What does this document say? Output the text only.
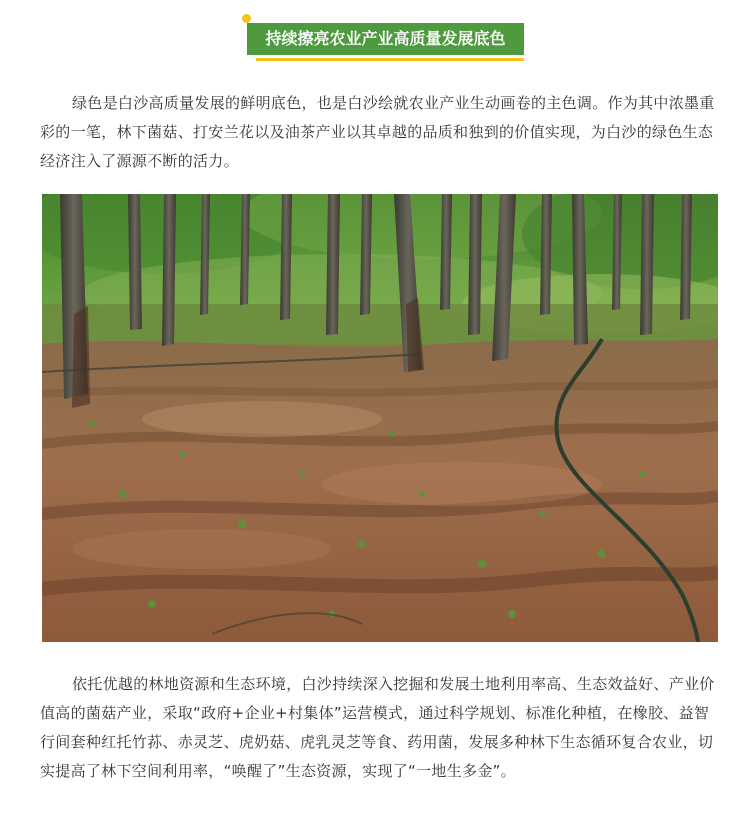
持续擦亮农业产业高质量发展底色

绿色是白沙高质量发展的鲜明底色，也是白沙绘就农业产业生动画卷的主色调。作为其中浓墨重彩的一笔，林下菌菇、打安兰花以及油茶产业以其卓越的品质和独到的价值实现，为白沙的绿色生态经济注入了源源不断的活力。

依托优越的林地资源和生态环境，白沙持续深入挖掘和发展土地利用率高、生态效益好、产业价值高的菌菇产业，采取“政府+企业+村集体”运营模式，通过科学规划、标准化种植，在橡胶、益智行间套种红托竹荪、赤灵芝、虎奶菇、虎乳灵芝等食、药用菌，发展多种林下生态循环复合农业，切实提高了林下空间利用率，“唤醒了”生态资源，实现了“一地生多金”。
